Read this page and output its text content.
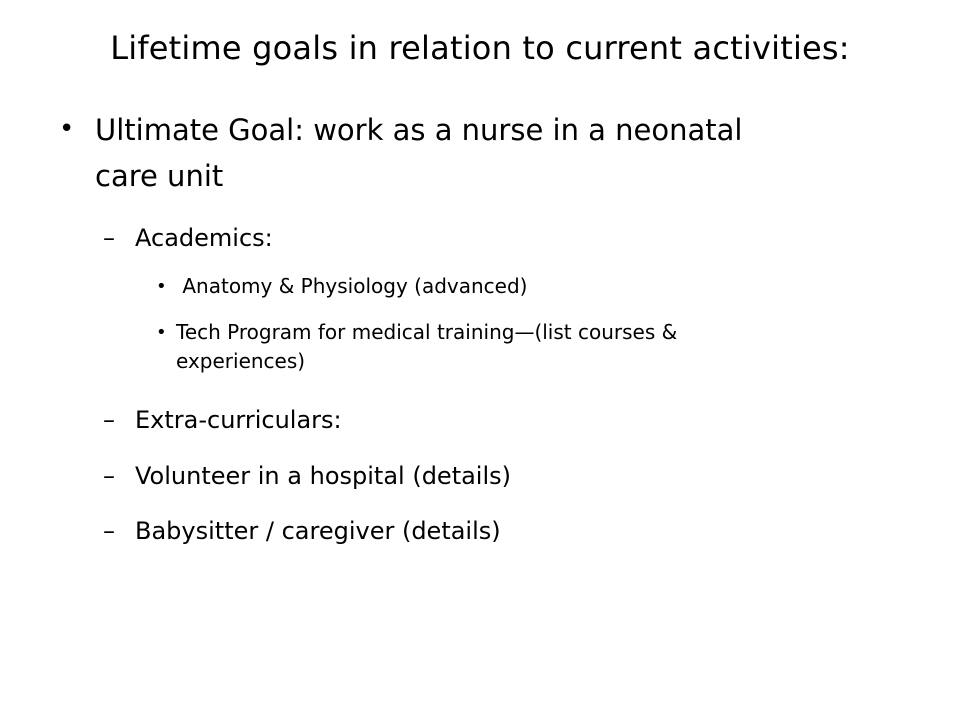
Lifetime goals in relation to current activities:
• Ultimate Goal: work as a nurse in a neonatal
care unit
– Academics:
• Anatomy & Physiology (advanced)
• Tech Program for medical training—(list courses &
experiences)
– Extra-curriculars:
– Volunteer in a hospital (details)
– Babysitter / caregiver (details)
